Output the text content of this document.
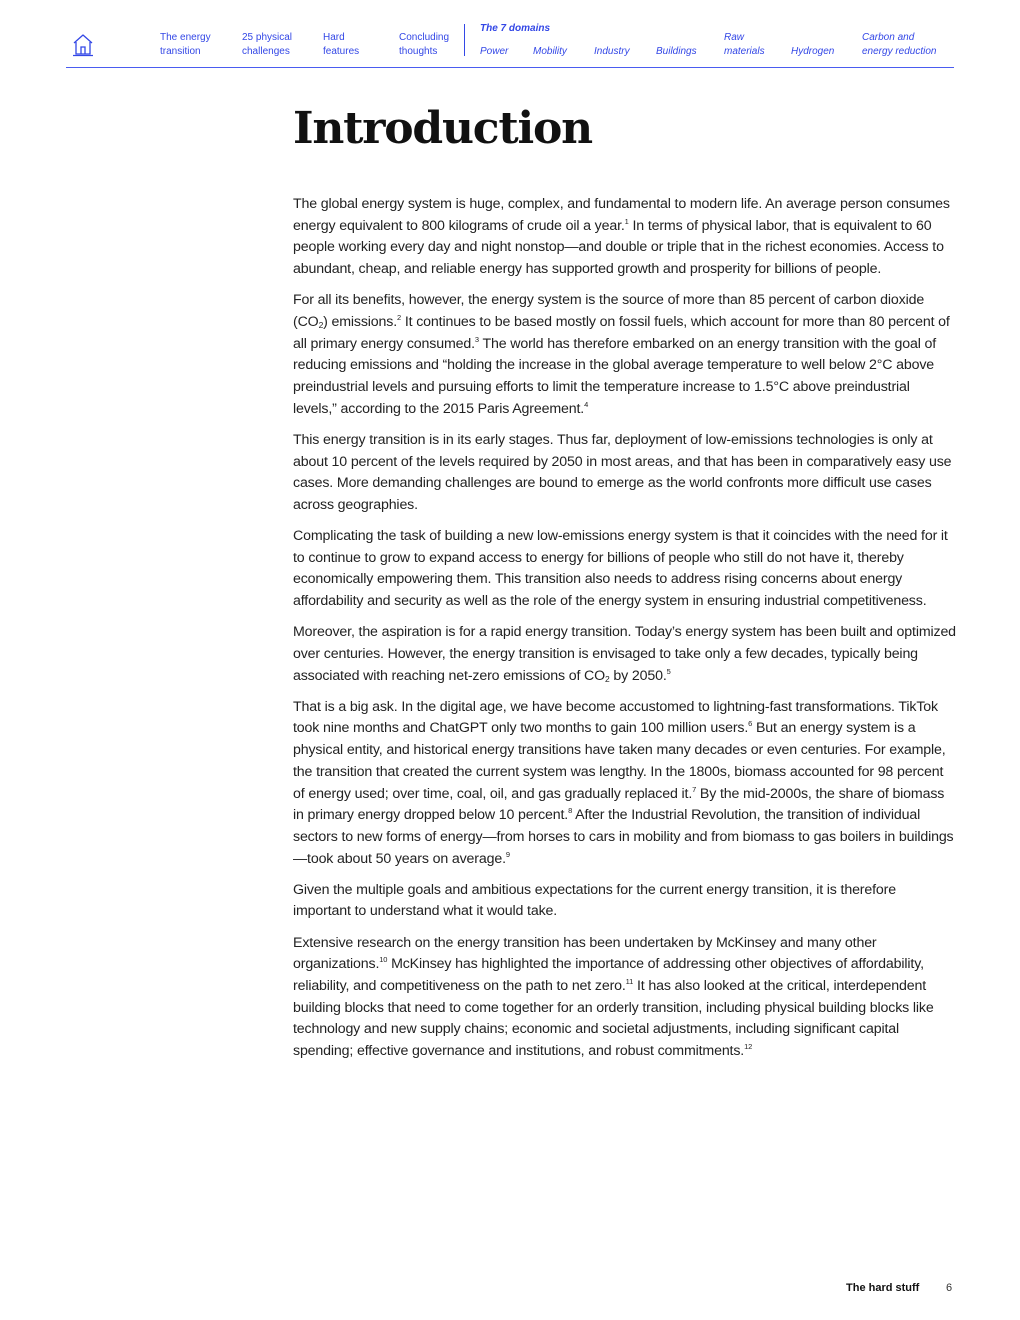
The energy
transition
25 physical
challenges
Hard
features
Concluding
thoughts
The 7 domains
Power Mobility	Industry	Buildings
Raw
materials	Hydrogen
Carbon and
energy reduction
Introduction

The global energy system is huge, complex, and fundamental to modern life. An average person consumes energy equivalent to 800 kilograms of crude oil a year.$^1$ In terms of physical labor, that is equivalent to 60 people working every day and night nonstop—and double or triple that in the richest economies. Access to abundant, cheap, and reliable energy has supported growth and prosperity for billions of people.

For all its benefits, however, the energy system is the source of more than 85 percent of carbon dioxide $(CO_2)$ emissions.$^2$ It continues to be based mostly on fossil fuels, which account for more than 80 percent of all primary energy consumed.$^3$ The world has therefore embarked on an energy transition with the goal of reducing emissions and “holding the increase in the global average temperature to well below 2°C above preindustrial levels and pursuing efforts to limit the temperature increase to 1.5°C above preindustrial levels,” according to the 2015 Paris Agreement.$^4$

This energy transition is in its early stages. Thus far, deployment of low-emissions technologies is only at about 10 percent of the levels required by 2050 in most areas, and that has been in comparatively easy use cases. More demanding challenges are bound to emerge as the world confronts more difficult use cases across geographies.

Complicating the task of building a new low-emissions energy system is that it coincides with the need for it to continue to grow to expand access to energy for billions of people who still do not have it, thereby economically empowering them. This transition also needs to address rising concerns about energy affordability and security as well as the role of the energy system in ensuring industrial competitiveness.

Moreover, the aspiration is for a rapid energy transition. Today’s energy system has been built and optimized over centuries. However, the energy transition is envisaged to take only a few decades, typically being associated with reaching net-zero emissions of $CO_2$ by 2050.$^5$

That is a big ask. In the digital age, we have become accustomed to lightning-fast transformations. TikTok took nine months and ChatGPT only two months to gain 100 million users.$^6$ But an energy system is a physical entity, and historical energy transitions have taken many decades or even centuries. For example, the transition that created the current system was lengthy. In the 1800s, biomass accounted for 98 percent of energy used; over time, coal, oil, and gas gradually replaced it.$^7$ By the mid-2000s, the share of biomass in primary energy dropped below 10 percent.$^8$ After the Industrial Revolution, the transition of individual sectors to new forms of energy—from horses to cars in mobility and from biomass to gas boilers in buildings—took about 50 years on average.$^9$

Given the multiple goals and ambitious expectations for the current energy transition, it is therefore important to understand what it would take.

Extensive research on the energy transition has been undertaken by McKinsey and many other organizations.$^{10}$ McKinsey has highlighted the importance of addressing other objectives of affordability, reliability, and competitiveness on the path to net zero.$^{11}$ It has also looked at the critical, interdependent building blocks that need to come together for an orderly transition, including physical building blocks like technology and new supply chains; economic and societal adjustments, including significant capital spending; effective governance and institutions, and robust commitments.$^{12}$

The hard stuff 6
